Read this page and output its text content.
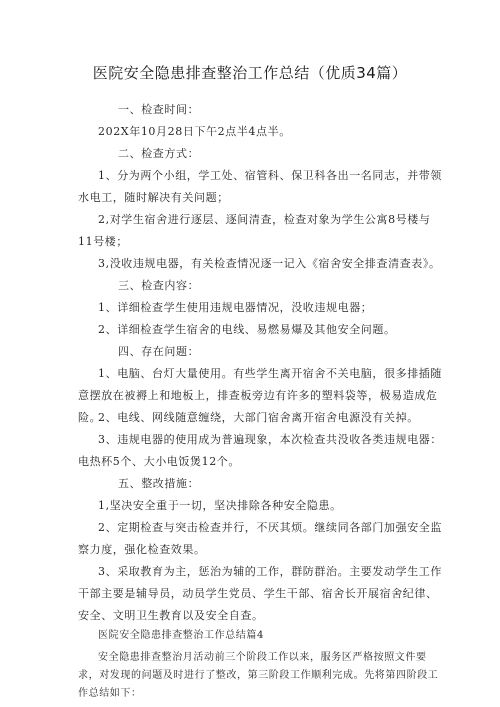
医院安全隐患排查整治工作总结（优质34篇）

一、检查时间：

202X年10月28日下午2点半4点半。

二、检查方式：

1、分为两个小组，学工处、宿管科、保卫科各出一名同志，并带领水电工，随时解决有关问题；

2,对学生宿舍进行逐层、逐间清查，检查对象为学生公寓8号楼与11号楼；

3,没收违规电器，有关检查情况逐一记入《宿舍安全排查清查表》。

三、检查内容：

1、详细检查学生使用违规电器情况，没收违规电器；

2、详细检查学生宿舍的电线、易燃易爆及其他安全问题。

四、存在问题：

1、电脑、台灯大量使用。有些学生离开宿舍不关电脑，很多排插随意摆放在被褥上和地板上，排查板旁边有许多的塑料袋等，极易造成危险。

2、电线、网线随意缠绕，大部门宿舍离开宿舍电源没有关掉。

3、违规电器的使用成为普遍现象，本次检查共没收各类违规电器：电热杯5个、大小电饭煲12个。

五、整改措施：

1,坚决安全重于一切，坚决排除各种安全隐患。

2、定期检查与突击检查并行，不厌其烦。继续同各部门加强安全监察力度，强化检查效果。

3、采取教育为主，惩治为辅的工作，群防群治。主要发动学生工作干部主要是辅导员，动员学生党员、学生干部、宿舍长开展宿舍纪律、安全、文明卫生教育以及安全自查。

医院安全隐患排查整治工作总结篇4

安全隐患排查整治月活动前三个阶段工作以来，服务区严格按照文件要求，对发现的问题及时进行了整改，第三阶段工作顺利完成。先将第四阶段工作总结如下：
